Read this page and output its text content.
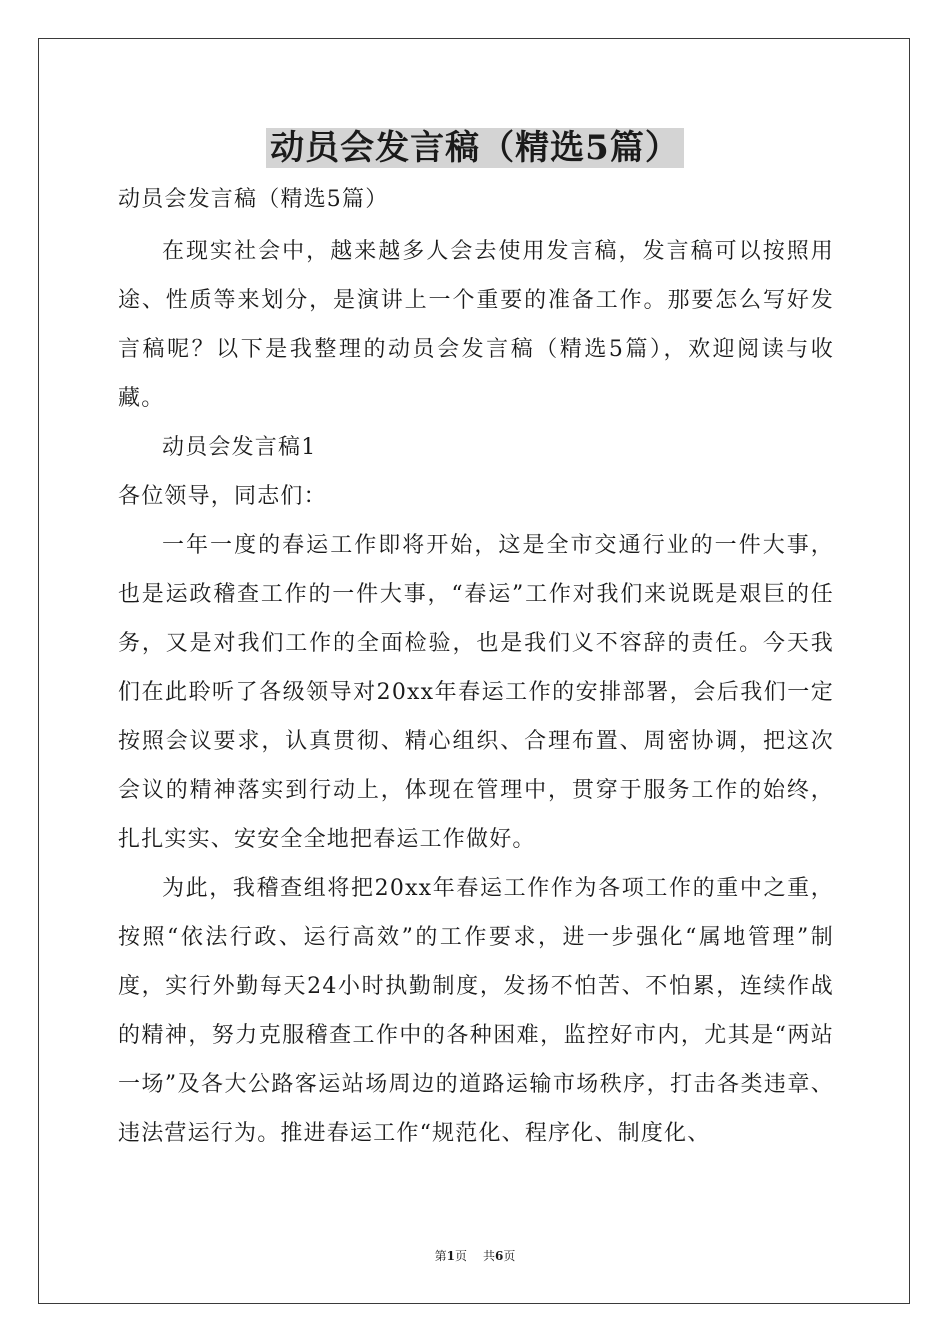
动员会发言稿（精选5篇）

动员会发言稿（精选5篇）

在现实社会中，越来越多人会去使用发言稿，发言稿可以按照用途、性质等来划分，是演讲上一个重要的准备工作。那要怎么写好发言稿呢？以下是我整理的动员会发言稿（精选5篇），欢迎阅读与收藏。

动员会发言稿1

各位领导，同志们：

一年一度的春运工作即将开始，这是全市交通行业的一件大事，也是运政稽查工作的一件大事，“春运”工作对我们来说既是艰巨的任务，又是对我们工作的全面检验，也是我们义不容辞的责任。今天我们在此聆听了各级领导对20xx年春运工作的安排部署，会后我们一定按照会议要求，认真贯彻、精心组织、合理布置、周密协调，把这次会议的精神落实到行动上，体现在管理中，贯穿于服务工作的始终，扎扎实实、安安全全地把春运工作做好。

为此，我稽查组将把20xx年春运工作作为各项工作的重中之重，按照“依法行政、运行高效”的工作要求，进一步强化“属地管理”制度，实行外勤每天24小时执勤制度，发扬不怕苦、不怕累，连续作战的精神，努力克服稽查工作中的各种困难，监控好市内，尤其是“两站一场”及各大公路客运站场周边的道路运输市场秩序，打击各类违章、违法营运行为。推进春运工作“规范化、程序化、制度化、

第1页 共6页
